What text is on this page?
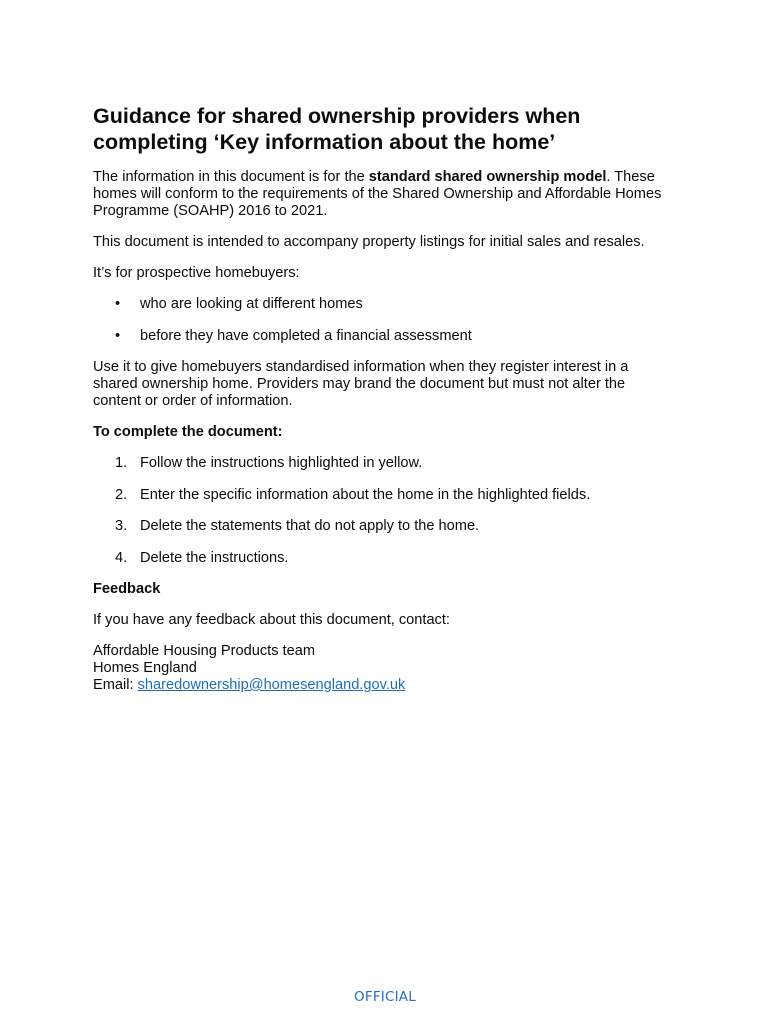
Guidance for shared ownership providers when completing ‘Key information about the home’

The information in this document is for the standard shared ownership model. These homes will conform to the requirements of the Shared Ownership and Affordable Homes Programme (SOAHP) 2016 to 2021.

This document is intended to accompany property listings for initial sales and resales.

It’s for prospective homebuyers:

• who are looking at different homes
• before they have completed a financial assessment

Use it to give homebuyers standardised information when they register interest in a shared ownership home. Providers may brand the document but must not alter the content or order of information.

To complete the document:

1. Follow the instructions highlighted in yellow.
2. Enter the specific information about the home in the highlighted fields.
3. Delete the statements that do not apply to the home.
4. Delete the instructions.

Feedback

If you have any feedback about this document, contact:

Affordable Housing Products team
Homes England
Email: sharedownership@homesengland.gov.uk

OFFICIAL
